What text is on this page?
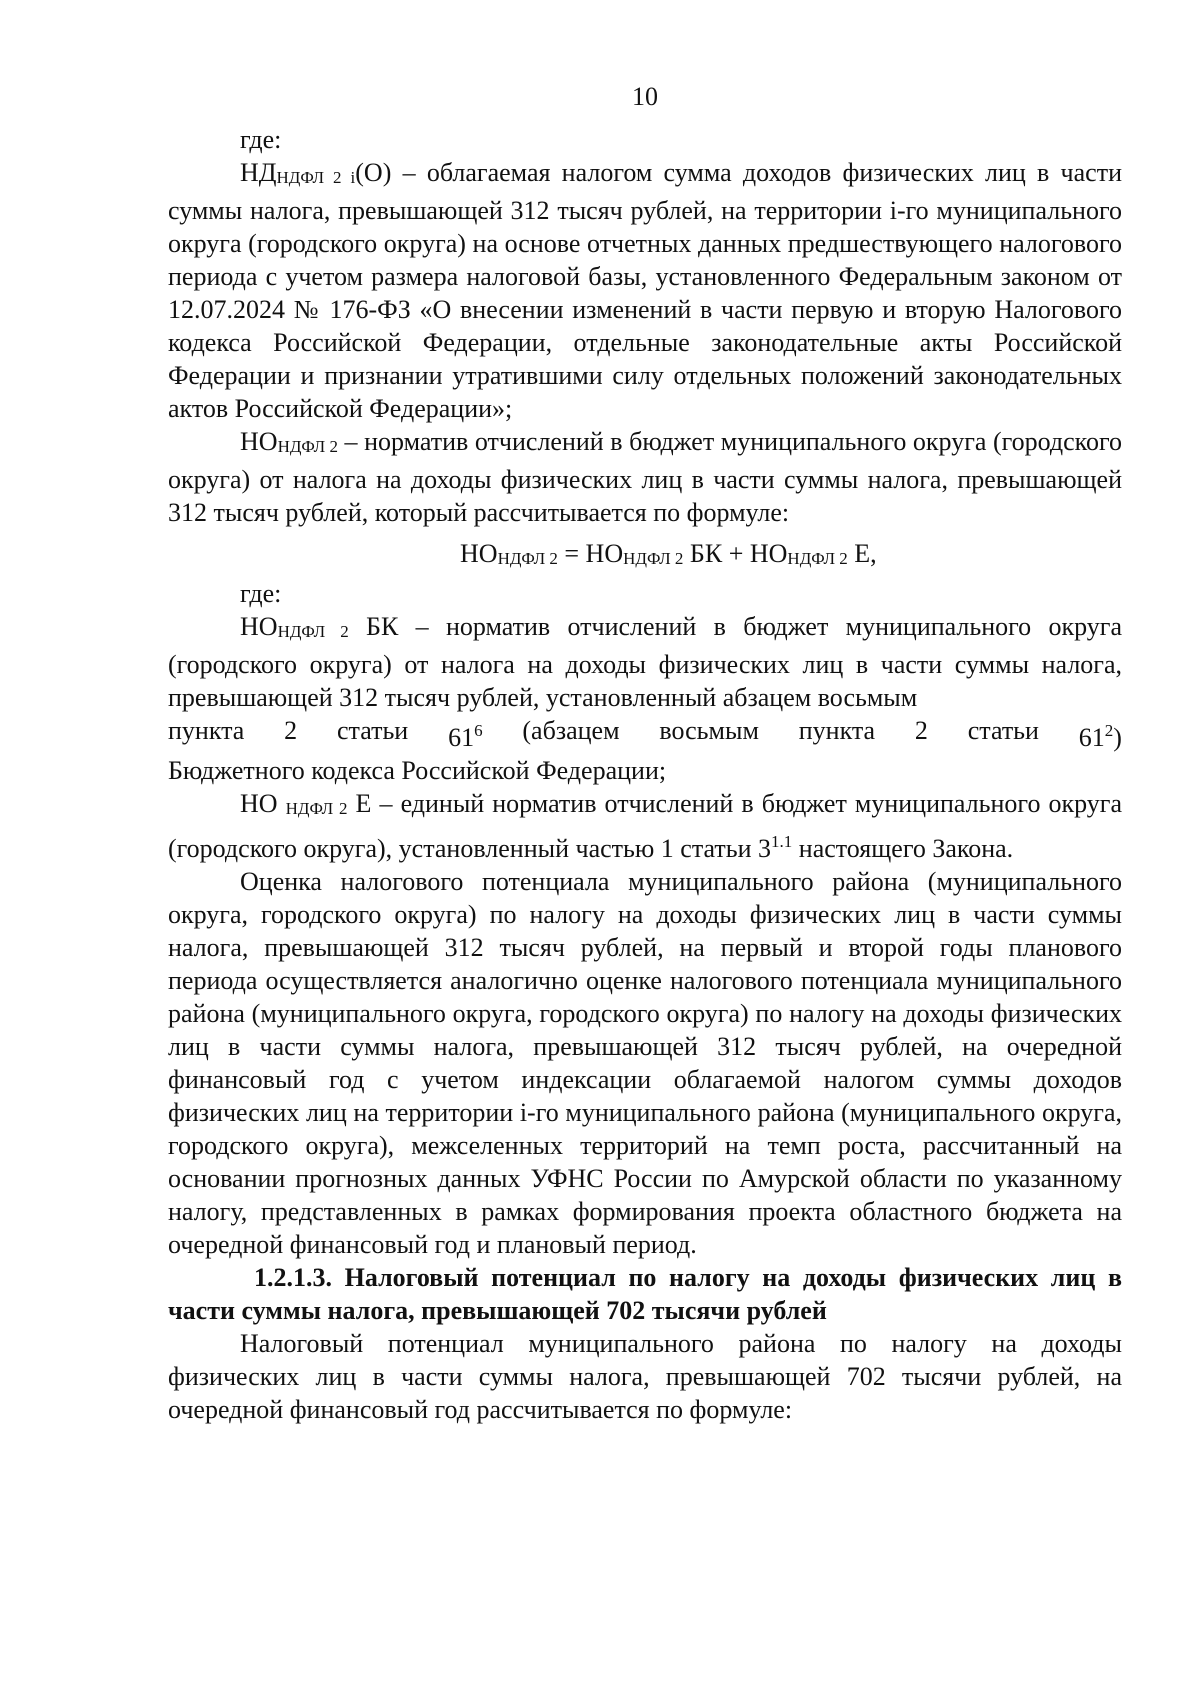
10

где:

НДНДФЛ 2 i(О) – облагаемая налогом сумма доходов физических лиц в части суммы налога, превышающей 312 тысяч рублей, на территории i-го муниципального округа (городского округа) на основе отчетных данных предшествующего налогового периода с учетом размера налоговой базы, установленного Федеральным законом от 12.07.2024 № 176-ФЗ «О внесении изменений в части первую и вторую Налогового кодекса Российской Федерации, отдельные законодательные акты Российской Федерации и признании утратившими силу отдельных положений законодательных актов Российской Федерации»;

НОНДФЛ 2 – норматив отчислений в бюджет муниципального округа (городского округа) от налога на доходы физических лиц в части суммы налога, превышающей 312 тысяч рублей, который рассчитывается по формуле:

НОНДФЛ 2 = НОНДФЛ 2 БК + НОНДФЛ 2 Е,

где:

НОНДФЛ 2 БК – норматив отчислений в бюджет муниципального округа (городского округа) от налога на доходы физических лиц в части суммы налога, превышающей 312 тысяч рублей, установленный абзацем восьмым

пункта 2 статьи $61^6$ (абзацем восьмым пункта 2 статьи $61^2$)

Бюджетного кодекса Российской Федерации;

НО НДФЛ 2 Е – единый норматив отчислений в бюджет муниципального округа (городского округа), установленный частью 1 статьи $3^{1.1}$ настоящего Закона.

Оценка налогового потенциала муниципального района (муниципального округа, городского округа) по налогу на доходы физических лиц в части суммы налога, превышающей 312 тысяч рублей, на первый и второй годы планового периода осуществляется аналогично оценке налогового потенциала муниципального района (муниципального округа, городского округа) по налогу на доходы физических лиц в части суммы налога, превышающей 312 тысяч рублей, на очередной финансовый год с учетом индексации облагаемой налогом суммы доходов физических лиц на территории i-го муниципального района (муниципального округа, городского округа), межселенных территорий на темп роста, рассчитанный на основании прогнозных данных УФНС России по Амурской области по указанному налогу, представленных в рамках формирования проекта областного бюджета на очередной финансовый год и плановый период.

1.2.1.3. Налоговый потенциал по налогу на доходы физических лиц в части суммы налога, превышающей 702 тысячи рублей

Налоговый потенциал муниципального района по налогу на доходы физических лиц в части суммы налога, превышающей 702 тысячи рублей, на очередной финансовый год рассчитывается по формуле:
